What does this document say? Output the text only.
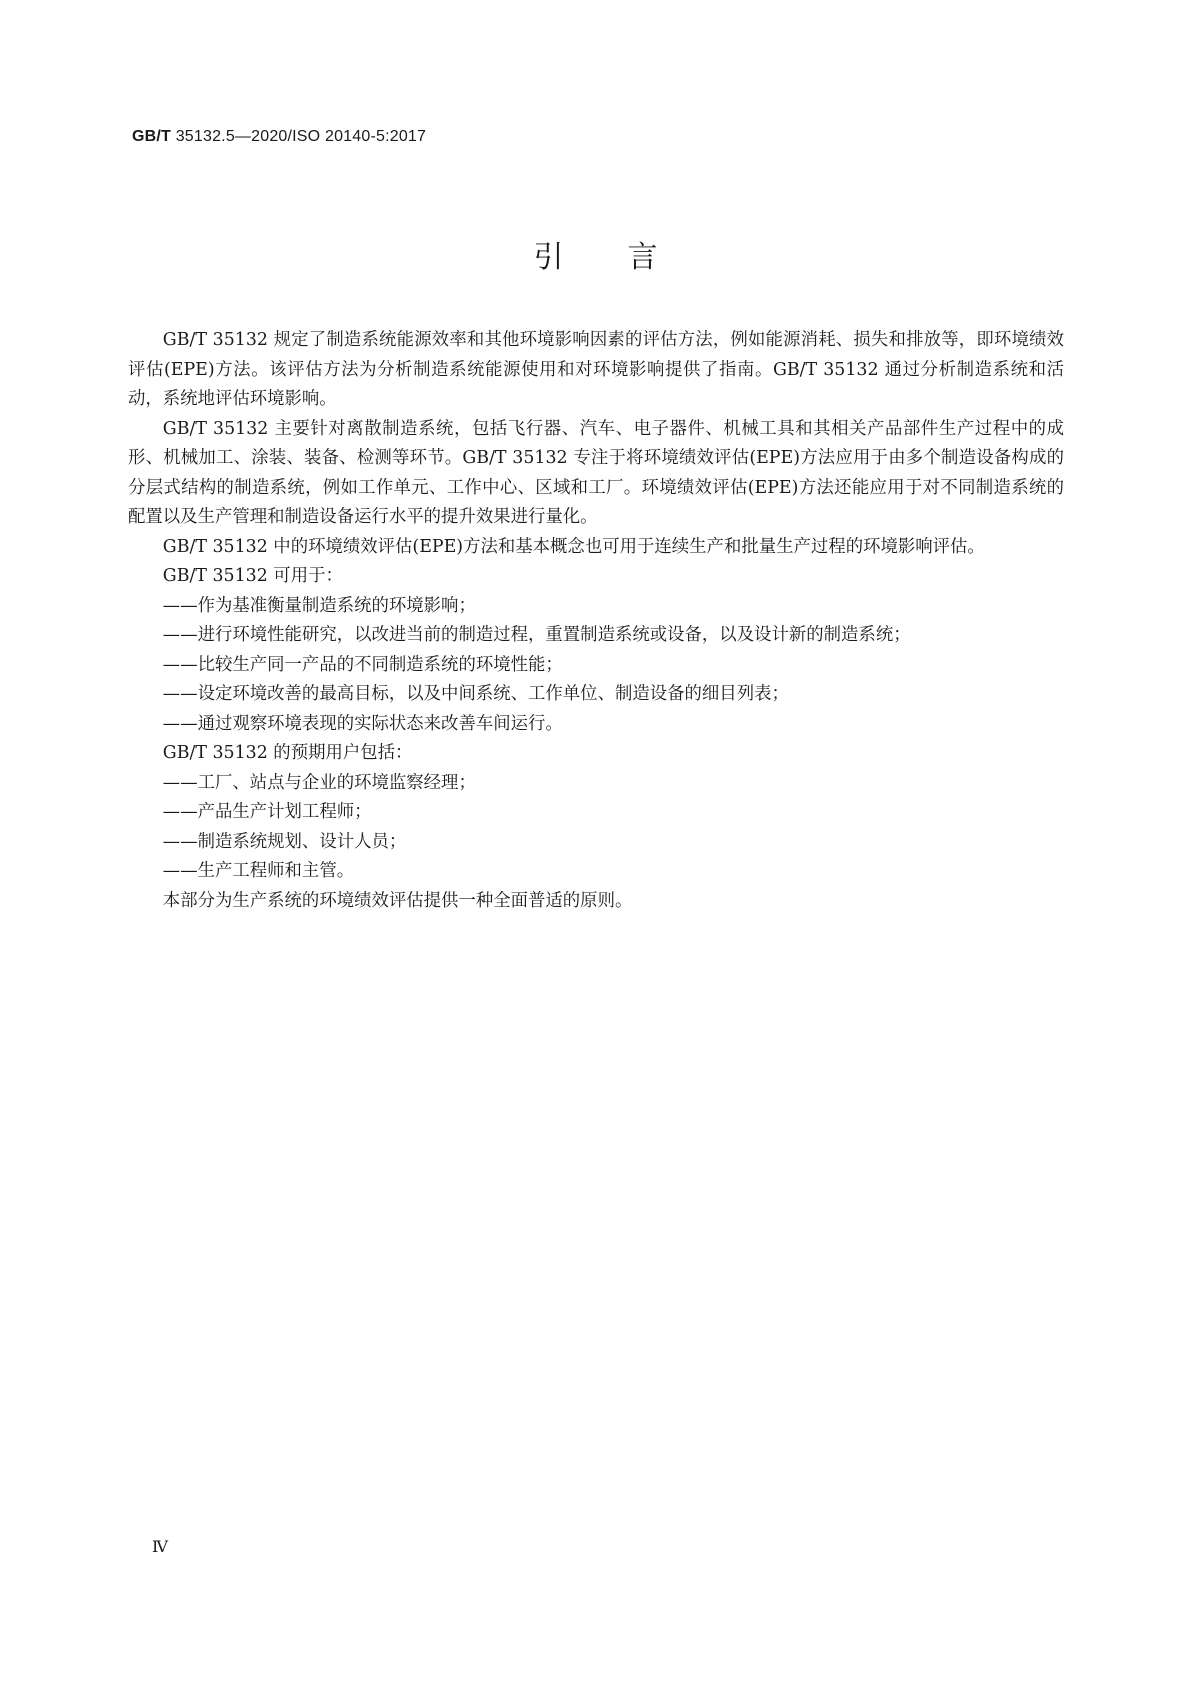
GB/T 35132.5—2020/ISO 20140-5:2017
引言

GB/T 35132 规定了制造系统能源效率和其他环境影响因素的评估方法，例如能源消耗、损失和排放等，即环境绩效评估(EPE)方法。该评估方法为分析制造系统能源使用和对环境影响提供了指南。GB/T 35132 通过分析制造系统和活动，系统地评估环境影响。

GB/T 35132 主要针对离散制造系统，包括飞行器、汽车、电子器件、机械工具和其相关产品部件生产过程中的成形、机械加工、涂装、装备、检测等环节。GB/T 35132 专注于将环境绩效评估(EPE)方法应用于由多个制造设备构成的分层式结构的制造系统，例如工作单元、工作中心、区域和工厂。环境绩效评估(EPE)方法还能应用于对不同制造系统的配置以及生产管理和制造设备运行水平的提升效果进行量化。

GB/T 35132 中的环境绩效评估(EPE)方法和基本概念也可用于连续生产和批量生产过程的环境影响评估。

GB/T 35132 可用于：

——作为基准衡量制造系统的环境影响；

——进行环境性能研究，以改进当前的制造过程，重置制造系统或设备，以及设计新的制造系统；

——比较生产同一产品的不同制造系统的环境性能；

——设定环境改善的最高目标，以及中间系统、工作单位、制造设备的细目列表；

——通过观察环境表现的实际状态来改善车间运行。

GB/T 35132 的预期用户包括：

——工厂、站点与企业的环境监察经理；

——产品生产计划工程师；

——制造系统规划、设计人员；

——生产工程师和主管。

本部分为生产系统的环境绩效评估提供一种全面普适的原则。

Ⅳ
